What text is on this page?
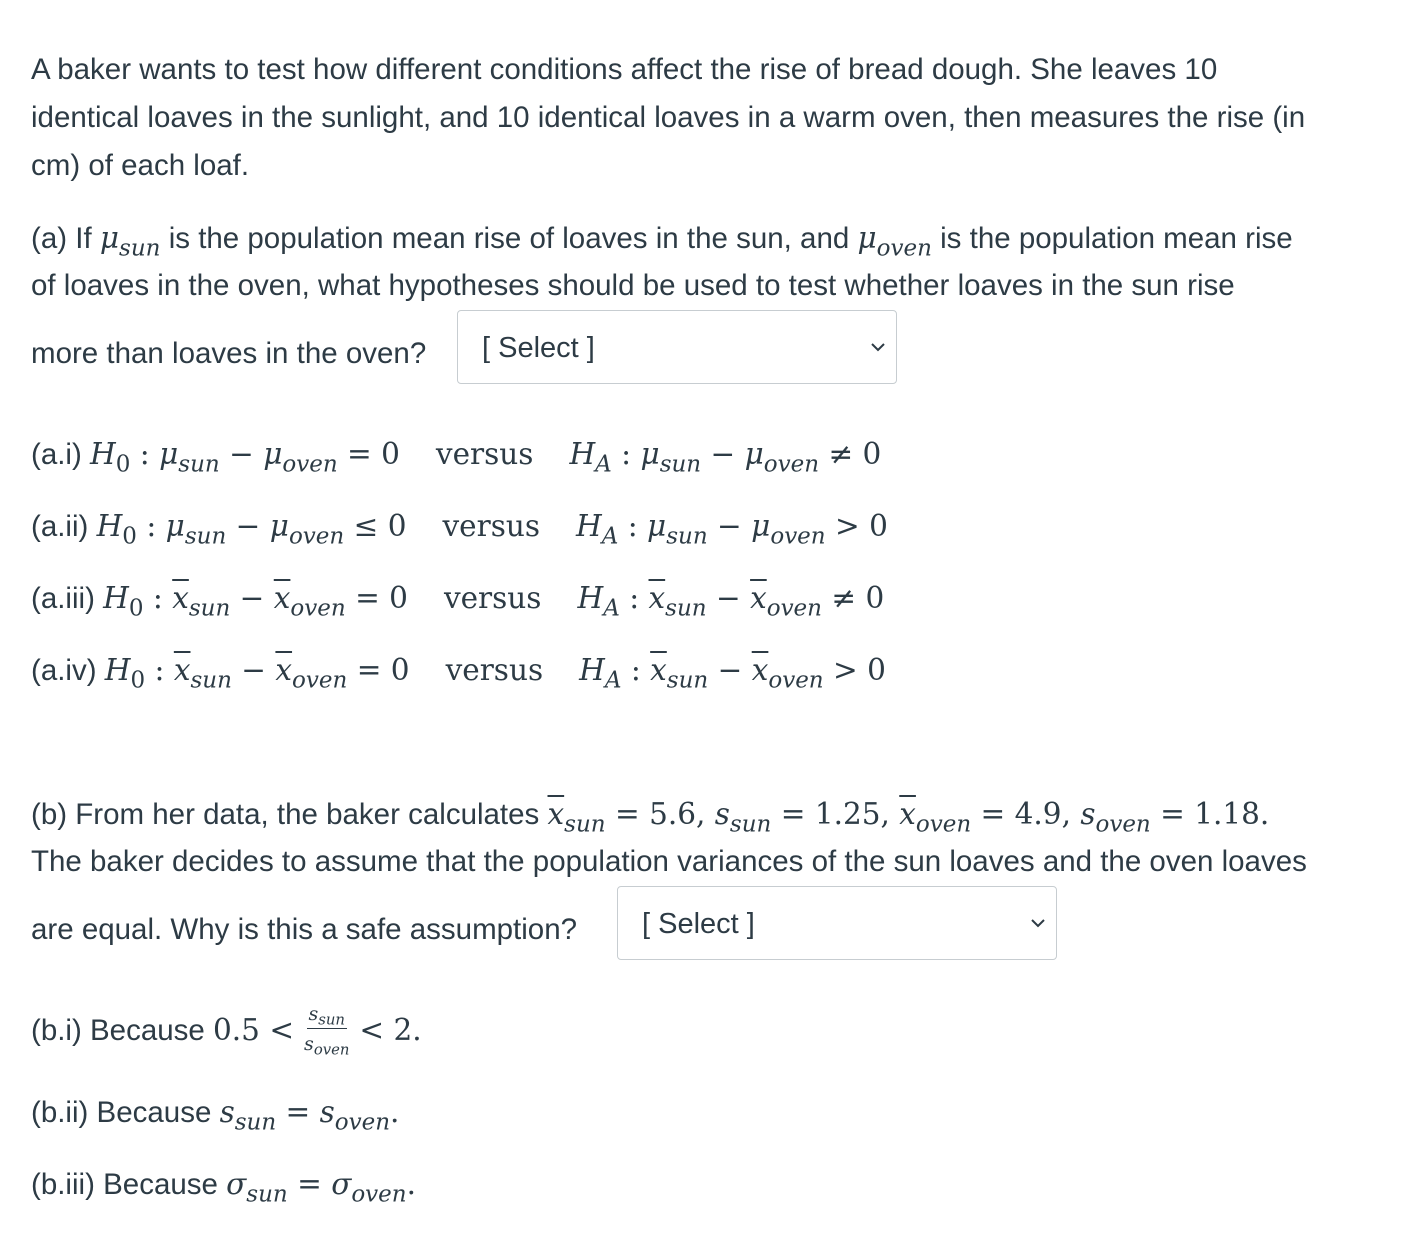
A baker wants to test how different conditions affect the rise of bread dough. She leaves 10
identical loaves in the sunlight, and 10 identical loaves in a warm oven, then measures the rise (in
cm) of each loaf.
(a) If $\mu_{sun}$ is the population mean rise of loaves in the sun, and $\mu_{oven}$ is the population mean rise
of loaves in the oven, what hypotheses should be used to test whether loaves in the sun rise
more than loaves in the oven? [ Select ]
(a.i) $H_0$ : $\mu_{sun} - \mu_{oven} = 0$ versus $H_A$ : $\mu_{sun} - \mu_{oven} \ne 0$
(a.ii) $H_0$ : $\mu_{sun} - \mu_{oven} \le 0$ versus $H_A$ : $\mu_{sun} - \mu_{oven} > 0$
(a.iii) $H_0$ : $\overline{x}_{sun} - \overline{x}_{oven} = 0$ versus $H_A$ : $\overline{x}_{sun} - \overline{x}_{oven} \ne 0$
(a.iv) $H_0$ : $\overline{x}_{sun} - \overline{x}_{oven} = 0$ versus $H_A$ : $\overline{x}_{sun} - \overline{x}_{oven} > 0$
(b) From her data, the baker calculates $\overline{x}_{sun} = 5.6$, $s_{sun} = 1.25$, $\overline{x}_{oven} = 4.9$, $s_{oven} = 1.18$.
The baker decides to assume that the population variances of the sun loaves and the oven loaves
are equal. Why is this a safe assumption? [ Select ]
(b.i) Because $0.5 < \frac{s_{sun}}{s_{oven}} < 2$.
(b.ii) Because $s_{sun} = s_{oven}$.
(b.iii) Because $\sigma_{sun} = \sigma_{oven}$.
